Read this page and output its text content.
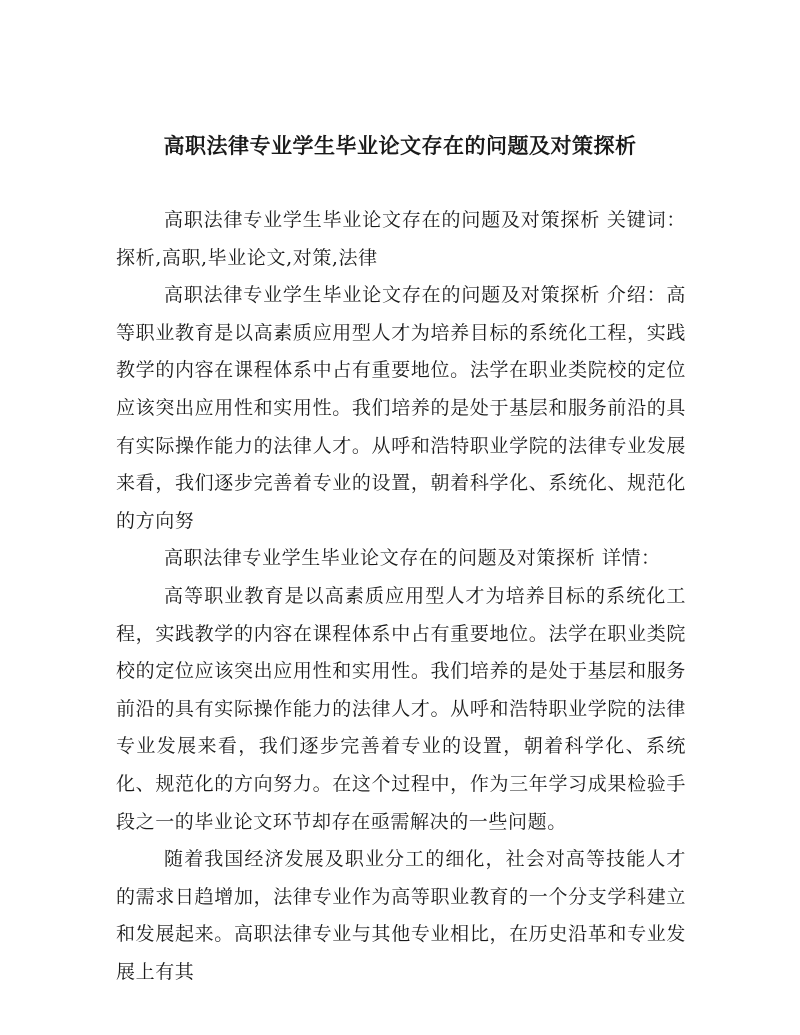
高职法律专业学生毕业论文存在的问题及对策探析

高职法律专业学生毕业论文存在的问题及对策探析 关键词：探析,高职,毕业论文,对策,法律

高职法律专业学生毕业论文存在的问题及对策探析 介绍：高等职业教育是以高素质应用型人才为培养目标的系统化工程，实践教学的内容在课程体系中占有重要地位。法学在职业类院校的定位应该突出应用性和实用性。我们培养的是处于基层和服务前沿的具有实际操作能力的法律人才。从呼和浩特职业学院的法律专业发展来看，我们逐步完善着专业的设置，朝着科学化、系统化、规范化的方向努

高职法律专业学生毕业论文存在的问题及对策探析 详情：

高等职业教育是以高素质应用型人才为培养目标的系统化工程，实践教学的内容在课程体系中占有重要地位。法学在职业类院校的定位应该突出应用性和实用性。我们培养的是处于基层和服务前沿的具有实际操作能力的法律人才。从呼和浩特职业学院的法律专业发展来看，我们逐步完善着专业的设置，朝着科学化、系统化、规范化的方向努力。在这个过程中，作为三年学习成果检验手段之一的毕业论文环节却存在亟需解决的一些问题。

随着我国经济发展及职业分工的细化，社会对高等技能人才的需求日趋增加，法律专业作为高等职业教育的一个分支学科建立和发展起来。高职法律专业与其他专业相比，在历史沿革和专业发展上有其
